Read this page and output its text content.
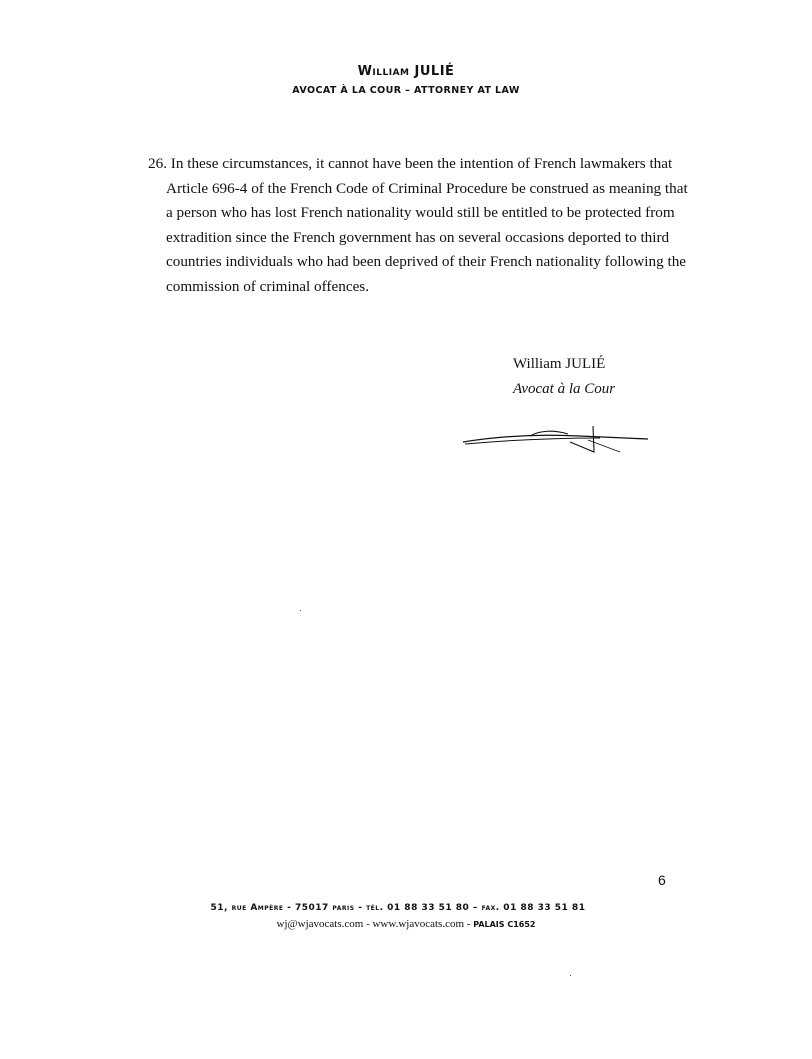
William JULIÉ
AVOCAT À LA COUR – ATTORNEY AT LAW
26. In these circumstances, it cannot have been the intention of French lawmakers that
Article 696-4 of the French Code of Criminal Procedure be construed as meaning that
a person who has lost French nationality would still be entitled to be protected from
extradition since the French government has on several occasions deported to third
countries individuals who had been deprived of their French nationality following the
commission of criminal offences.
William JULIÉ
Avocat à la Cour
6
51, rue Ampère - 75017 paris - tél. 01 88 33 51 80 – fax. 01 88 33 51 81
wj@wjavocats.com - www.wjavocats.com - PALAIS C1652
